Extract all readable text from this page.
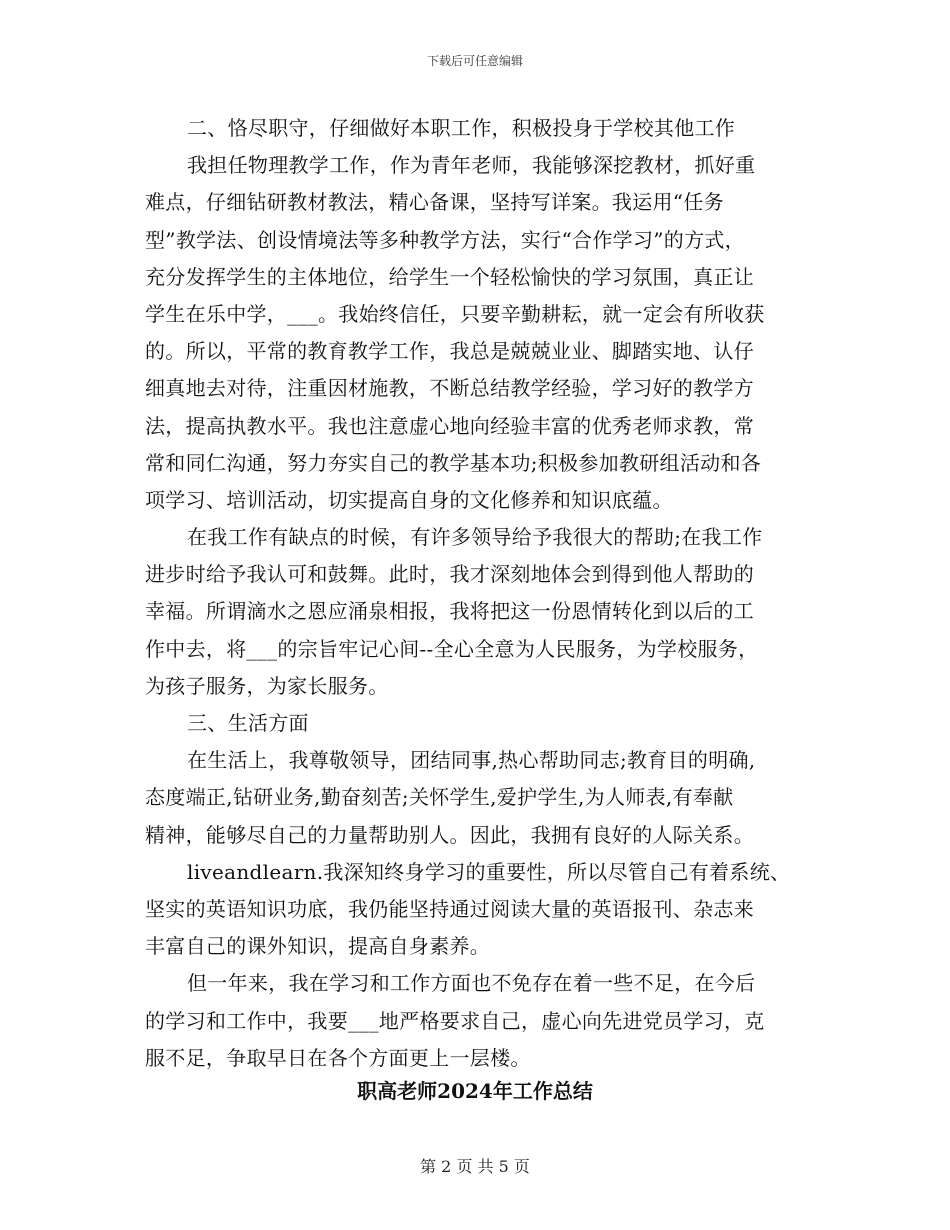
下载后可任意编辑
二、恪尽职守，仔细做好本职工作，积极投身于学校其他工作
我担任物理教学工作，作为青年老师，我能够深挖教材，抓好重
难点，仔细钻研教材教法，精心备课，坚持写详案。我运用“任务
型”教学法、创设情境法等多种教学方法，实行“合作学习”的方式，
充分发挥学生的主体地位，给学生一个轻松愉快的学习氛围，真正让
学生在乐中学，___。我始终信任，只要辛勤耕耘，就一定会有所收获
的。所以，平常的教育教学工作，我总是兢兢业业、脚踏实地、认仔
细真地去对待，注重因材施教，不断总结教学经验，学习好的教学方
法，提高执教水平。我也注意虚心地向经验丰富的优秀老师求教，常
常和同仁沟通，努力夯实自己的教学基本功;积极参加教研组活动和各
项学习、培训活动，切实提高自身的文化修养和知识底蕴。
在我工作有缺点的时候，有许多领导给予我很大的帮助;在我工作
进步时给予我认可和鼓舞。此时，我才深刻地体会到得到他人帮助的
幸福。所谓滴水之恩应涌泉相报，我将把这一份恩情转化到以后的工
作中去，将___的宗旨牢记心间--全心全意为人民服务，为学校服务，
为孩子服务，为家长服务。
三、生活方面
在生活上，我尊敬领导，团结同事,热心帮助同志;教育目的明确,
态度端正,钻研业务,勤奋刻苦;关怀学生,爱护学生,为人师表,有奉献
精神，能够尽自己的力量帮助别人。因此，我拥有良好的人际关系。
liveandlearn.我深知终身学习的重要性，所以尽管自己有着系统、
坚实的英语知识功底，我仍能坚持通过阅读大量的英语报刊、杂志来
丰富自己的课外知识，提高自身素养。
但一年来，我在学习和工作方面也不免存在着一些不足，在今后
的学习和工作中，我要___地严格要求自己，虚心向先进党员学习，克
服不足，争取早日在各个方面更上一层楼。
职高老师2024年工作总结
第 2 页 共 5 页
